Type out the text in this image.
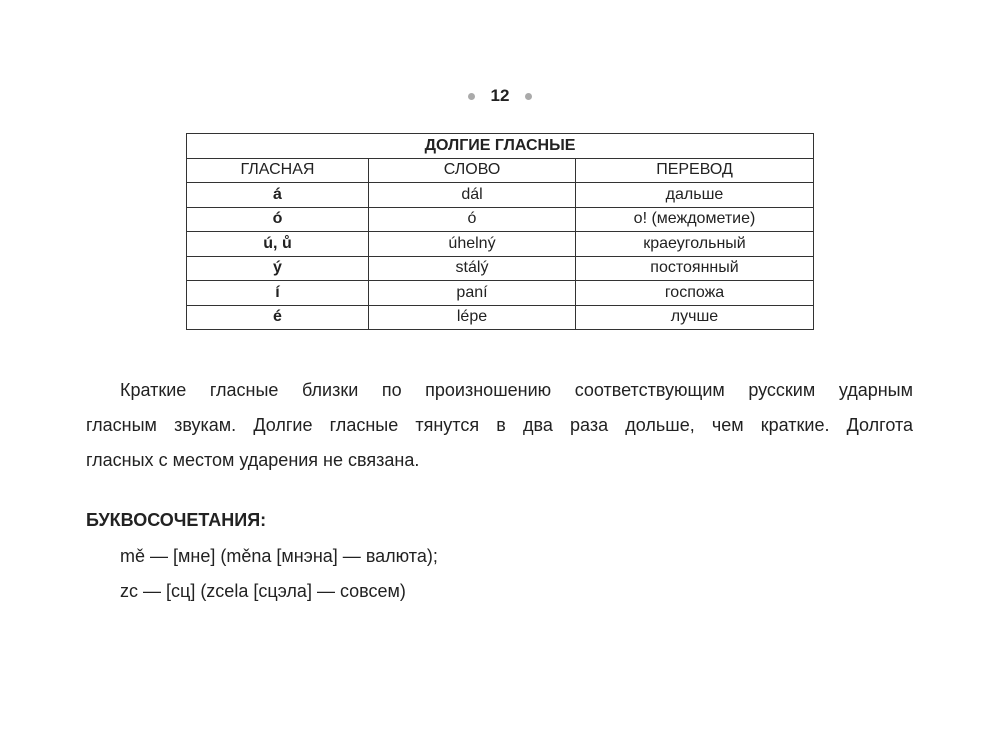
12
ДОЛГИЕ ГЛАСНЫЕ		
ГЛАСНАЯ	СЛОВО	ПЕРЕВОД
á	dál	дальше
ó	ó	o! (междометие)
ú, ů	úhelný	краеугольный
ý	stálý	постоянный
í	paní	госпожа
é	lépe	лучше
Краткие гласные близки по произношению соответствующим русским ударным
гласным звукам. Долгие гласные тянутся в два раза дольше, чем краткие. Долгота
гласных с местом ударения не связана.
БУКВОСОЧЕТАНИЯ:
mě — [мне] (měna [мнэна] — валюта);
zc — [сц] (zcela [сцэла] — совсем)
